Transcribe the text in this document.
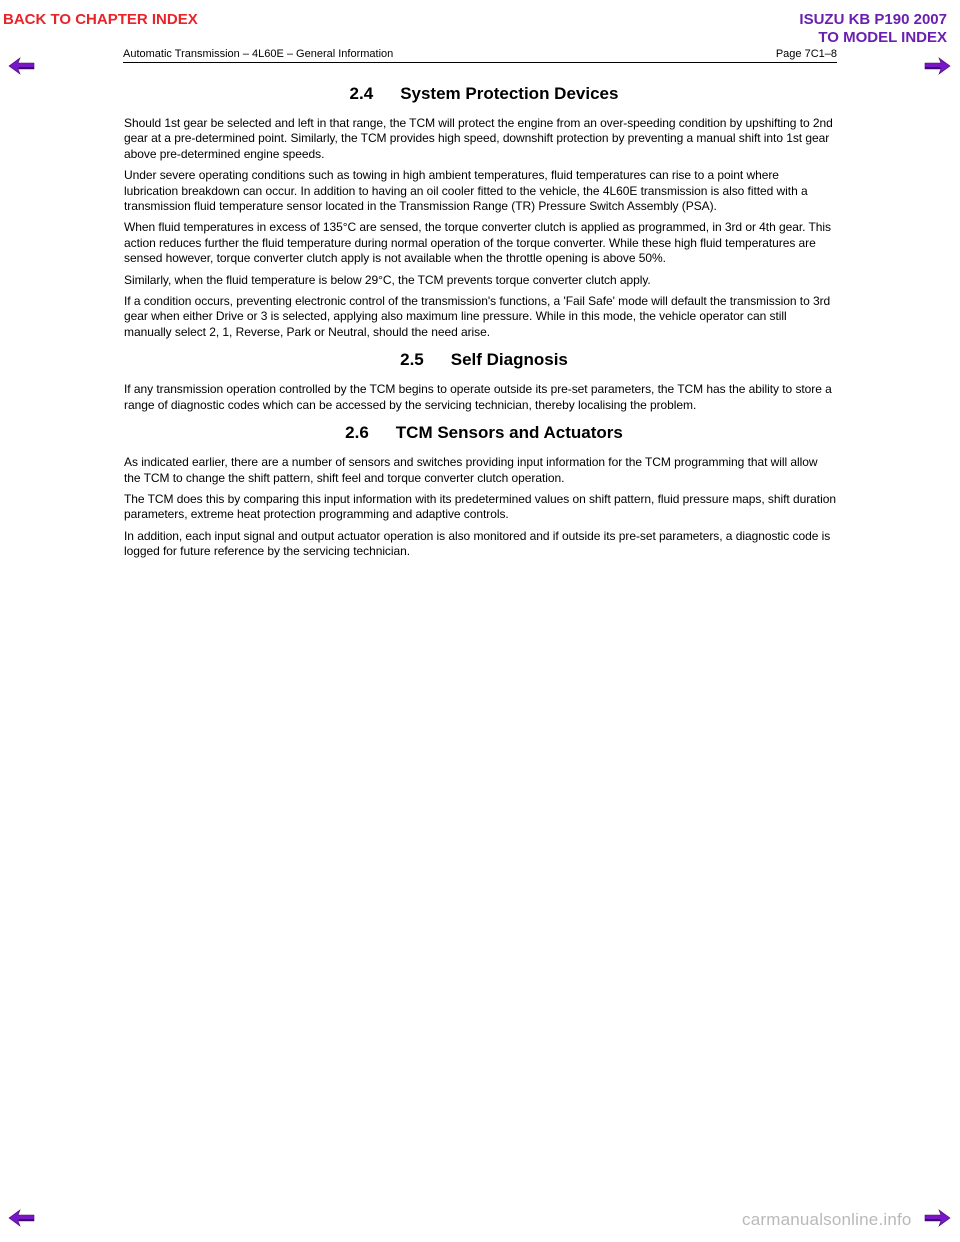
BACK TO CHAPTER INDEX	ISUZU KB P190 2007
TO MODEL INDEX
Automatic Transmission – 4L60E – General Information	Page 7C1–8
2.4 System Protection Devices

Should 1st gear be selected and left in that range, the TCM will protect the engine from an over-speeding condition by upshifting to 2nd gear at a pre-determined point. Similarly, the TCM provides high speed, downshift protection by preventing a manual shift into 1st gear above pre-determined engine speeds.

Under severe operating conditions such as towing in high ambient temperatures, fluid temperatures can rise to a point where lubrication breakdown can occur. In addition to having an oil cooler fitted to the vehicle, the 4L60E transmission is also fitted with a transmission fluid temperature sensor located in the Transmission Range (TR) Pressure Switch Assembly (PSA).

When fluid temperatures in excess of 135°C are sensed, the torque converter clutch is applied as programmed, in 3rd or 4th gear. This action reduces further the fluid temperature during normal operation of the torque converter. While these high fluid temperatures are sensed however, torque converter clutch apply is not available when the throttle opening is above 50%.

Similarly, when the fluid temperature is below 29°C, the TCM prevents torque converter clutch apply.

If a condition occurs, preventing electronic control of the transmission's functions, a 'Fail Safe' mode will default the transmission to 3rd gear when either Drive or 3 is selected, applying also maximum line pressure. While in this mode, the vehicle operator can still manually select 2, 1, Reverse, Park or Neutral, should the need arise.

2.5 Self Diagnosis

If any transmission operation controlled by the TCM begins to operate outside its pre-set parameters, the TCM has the ability to store a range of diagnostic codes which can be accessed by the servicing technician, thereby localising the problem.

2.6 TCM Sensors and Actuators

As indicated earlier, there are a number of sensors and switches providing input information for the TCM programming that will allow the TCM to change the shift pattern, shift feel and torque converter clutch operation.

The TCM does this by comparing this input information with its predetermined values on shift pattern, fluid pressure maps, shift duration parameters, extreme heat protection programming and adaptive controls.

In addition, each input signal and output actuator operation is also monitored and if outside its pre-set parameters, a diagnostic code is logged for future reference by the servicing technician.

carmanualsonline.info
